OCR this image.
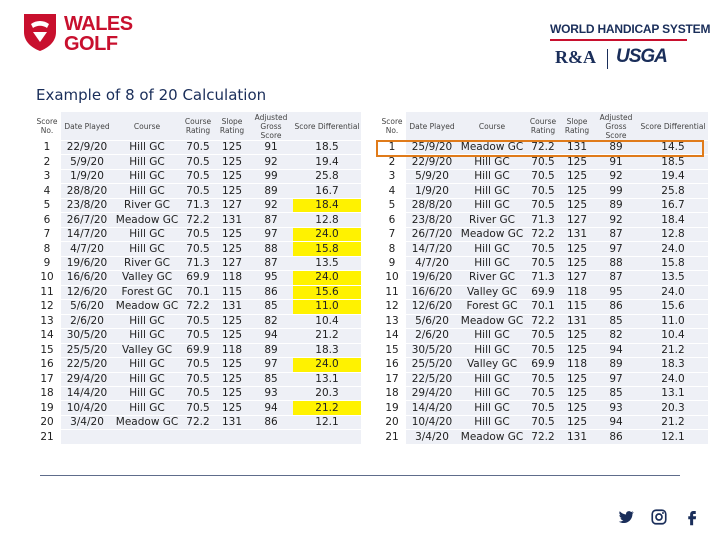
WALES
GOLF
WORLD HANDICAP SYSTEM
R&A USGA
Example of 8 of 20 Calculation
Score No.	Date Played	Course	Course Rating	Slope Rating	Adjusted Gross Score	Score Differential
1	22/9/20	Hill GC	70.5	125	91	18.5
2	5/9/20	Hill GC	70.5	125	92	19.4
3	1/9/20	Hill GC	70.5	125	99	25.8
4	28/8/20	Hill GC	70.5	125	89	16.7
5	23/8/20	River GC	71.3	127	92	18.4
6	26/7/20	Meadow GC	72.2	131	87	12.8
7	14/7/20	Hill GC	70.5	125	97	24.0
8	4/7/20	Hill GC	70.5	125	88	15.8
9	19/6/20	River GC	71.3	127	87	13.5
10	16/6/20	Valley GC	69.9	118	95	24.0
11	12/6/20	Forest GC	70.1	115	86	15.6
12	5/6/20	Meadow GC	72.2	131	85	11.0
13	2/6/20	Hill GC	70.5	125	82	10.4
14	30/5/20	Hill GC	70.5	125	94	21.2
15	25/5/20	Valley GC	69.9	118	89	18.3
16	22/5/20	Hill GC	70.5	125	97	24.0
17	29/4/20	Hill GC	70.5	125	85	13.1
18	14/4/20	Hill GC	70.5	125	93	20.3
19	10/4/20	Hill GC	70.5	125	94	21.2
20	3/4/20	Meadow GC	72.2	131	86	12.1
21						
Score No.	Date Played	Course	Course Rating	Slope Rating	Adjusted Gross Score	Score Differential
1	25/9/20	Meadow GC	72.2	131	89	14.5
2	22/9/20	Hill GC	70.5	125	91	18.5
3	5/9/20	Hill GC	70.5	125	92	19.4
4	1/9/20	Hill GC	70.5	125	99	25.8
5	28/8/20	Hill GC	70.5	125	89	16.7
6	23/8/20	River GC	71.3	127	92	18.4
7	26/7/20	Meadow GC	72.2	131	87	12.8
8	14/7/20	Hill GC	70.5	125	97	24.0
9	4/7/20	Hill GC	70.5	125	88	15.8
10	19/6/20	River GC	71.3	127	87	13.5
11	16/6/20	Valley GC	69.9	118	95	24.0
12	12/6/20	Forest GC	70.1	115	86	15.6
13	5/6/20	Meadow GC	72.2	131	85	11.0
14	2/6/20	Hill GC	70.5	125	82	10.4
15	30/5/20	Hill GC	70.5	125	94	21.2
16	25/5/20	Valley GC	69.9	118	89	18.3
17	22/5/20	Hill GC	70.5	125	97	24.0
18	29/4/20	Hill GC	70.5	125	85	13.1
19	14/4/20	Hill GC	70.5	125	93	20.3
20	10/4/20	Hill GC	70.5	125	94	21.2
21	3/4/20	Meadow GC	72.2	131	86	12.1
